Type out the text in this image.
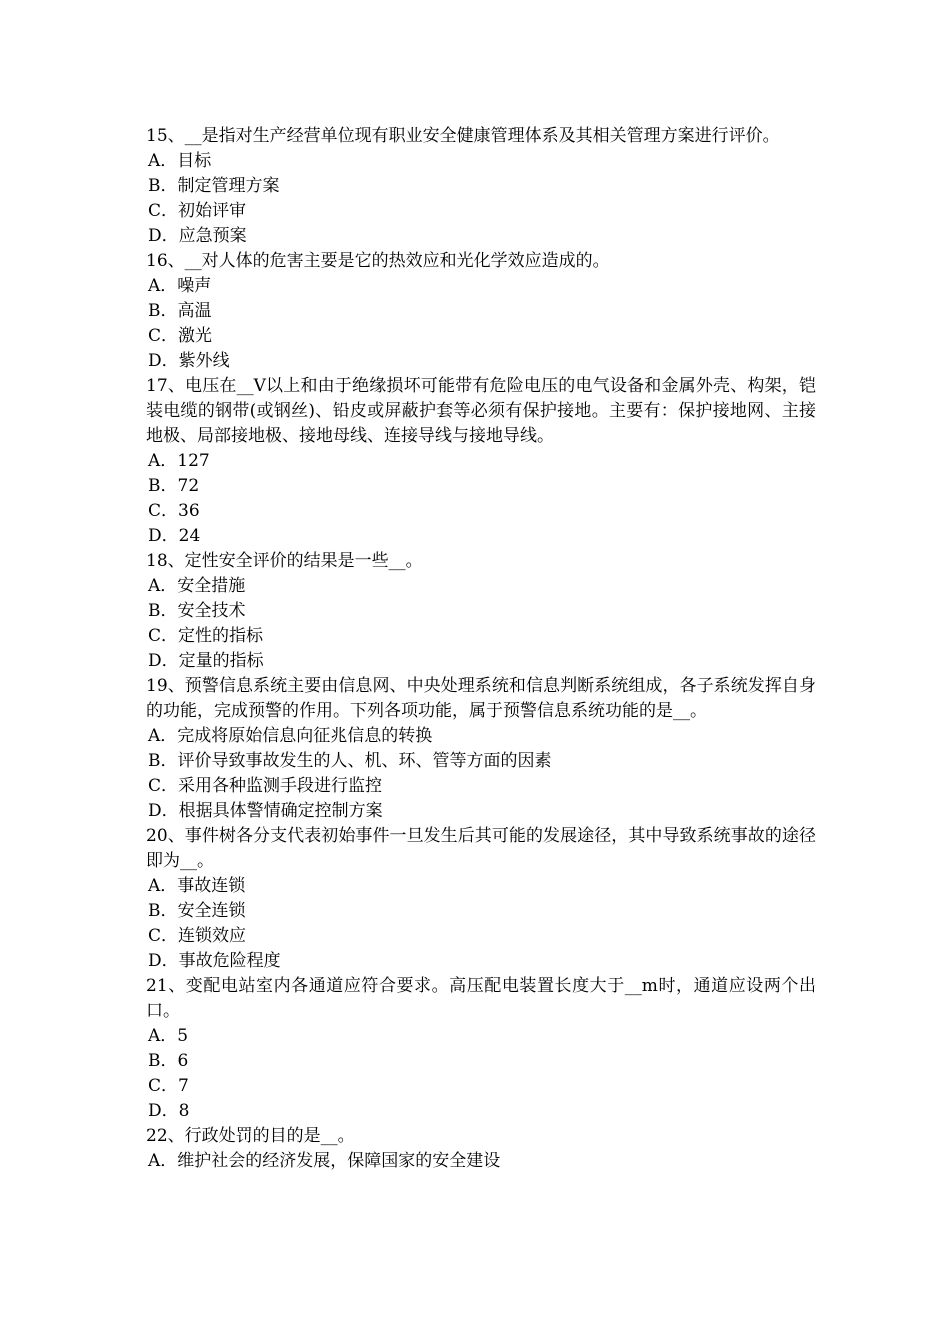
15、__是指对生产经营单位现有职业安全健康管理体系及其相关管理方案进行评价。

A．目标

B．制定管理方案

C．初始评审

D．应急预案

16、__对人体的危害主要是它的热效应和光化学效应造成的。

A．噪声

B．高温

C．激光

D．紫外线

17、电压在__V以上和由于绝缘损坏可能带有危险电压的电气设备和金属外壳、构架，铠装电缆的钢带(或钢丝)、铅皮或屏蔽护套等必须有保护接地。主要有：保护接地网、主接地极、局部接地极、接地母线、连接导线与接地导线。

A．127

B．72

C．36

D．24

18、定性安全评价的结果是一些__。

A．安全措施

B．安全技术

C．定性的指标

D．定量的指标

19、预警信息系统主要由信息网、中央处理系统和信息判断系统组成，各子系统发挥自身的功能，完成预警的作用。下列各项功能，属于预警信息系统功能的是__。

A．完成将原始信息向征兆信息的转换

B．评价导致事故发生的人、机、环、管等方面的因素

C．采用各种监测手段进行监控

D．根据具体警情确定控制方案

20、事件树各分支代表初始事件一旦发生后其可能的发展途径，其中导致系统事故的途径即为__。

A．事故连锁

B．安全连锁

C．连锁效应

D．事故危险程度

21、变配电站室内各通道应符合要求。高压配电装置长度大于__m时，通道应设两个出口。

A．5

B．6

C．7

D．8

22、行政处罚的目的是__。

A．维护社会的经济发展，保障国家的安全建设
